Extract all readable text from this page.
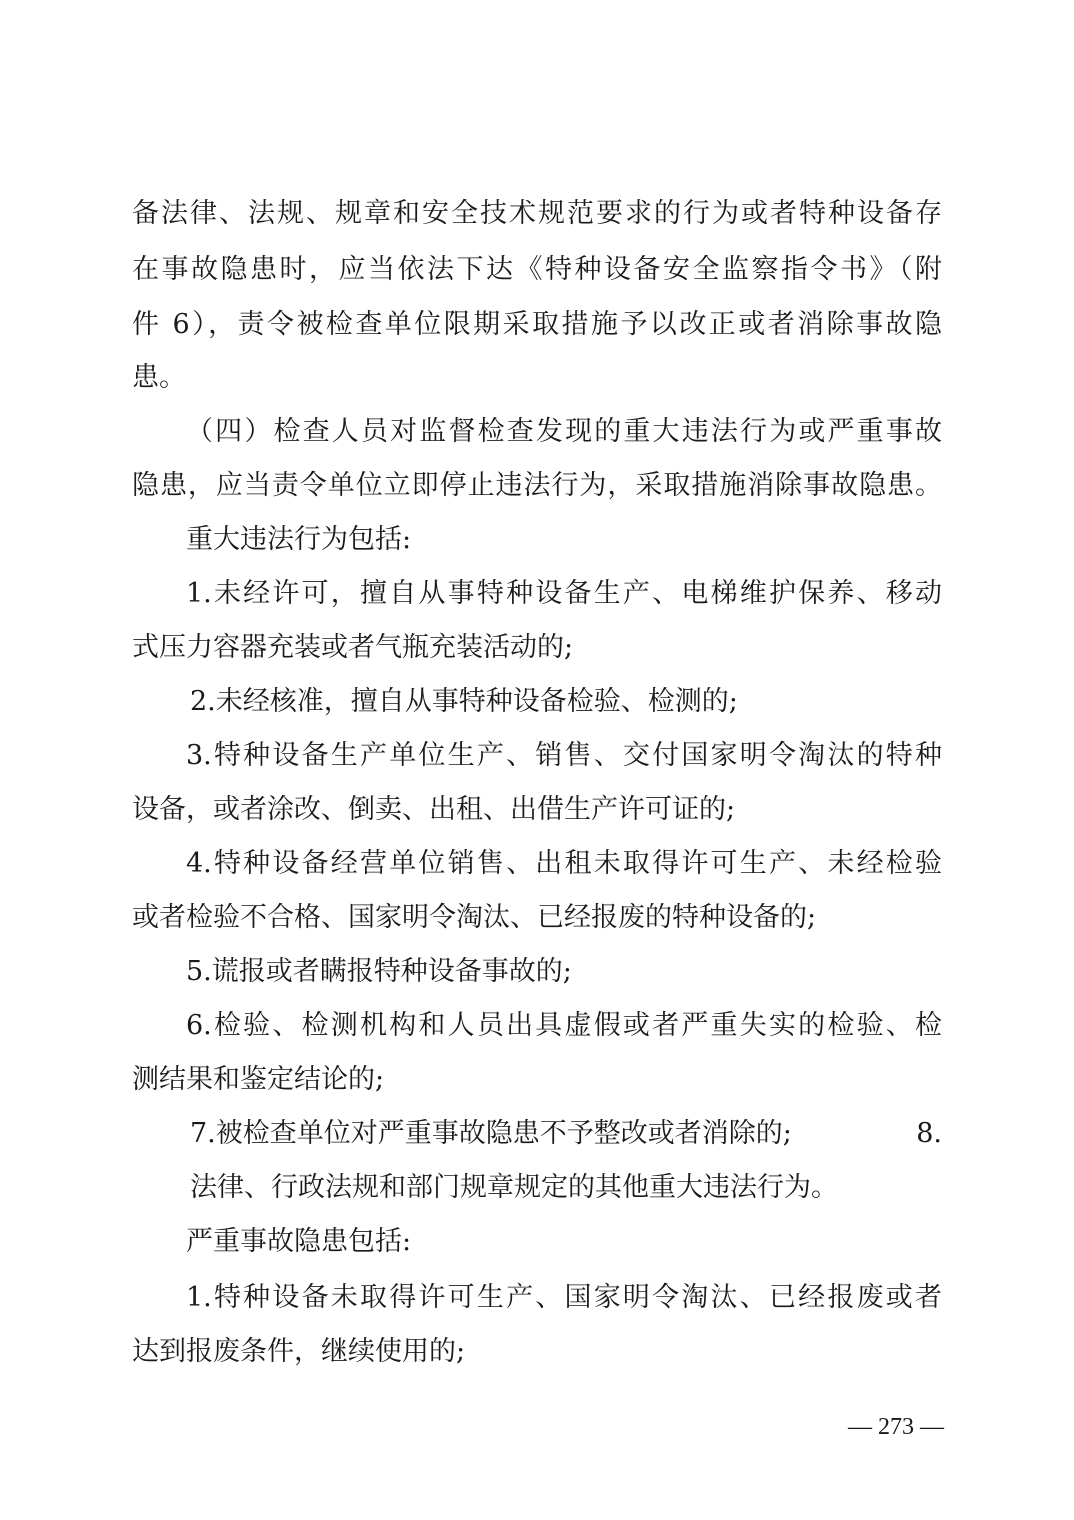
备法律、法规、规章和安全技术规范要求的行为或者特种设备存
在事故隐患时，应当依法下达《特种设备安全监察指令书》（附
件 6），责令被检查单位限期采取措施予以改正或者消除事故隐
患。
（四）检查人员对监督检查发现的重大违法行为或严重事故
隐患，应当责令单位立即停止违法行为，采取措施消除事故隐患。
重大违法行为包括:
1.未经许可，擅自从事特种设备生产、电梯维护保养、移动
式压力容器充装或者气瓶充装活动的;
2.未经核准，擅自从事特种设备检验、检测的;
3.特种设备生产单位生产、销售、交付国家明令淘汰的特种
设备，或者涂改、倒卖、出租、出借生产许可证的;
4.特种设备经营单位销售、出租未取得许可生产、未经检验
或者检验不合格、国家明令淘汰、已经报废的特种设备的;
5.谎报或者瞒报特种设备事故的;
6.检验、检测机构和人员出具虚假或者严重失实的检验、检
测结果和鉴定结论的;
7.被检查单位对严重事故隐患不予整改或者消除的;	8.
法律、行政法规和部门规章规定的其他重大违法行为。
严重事故隐患包括:
1.特种设备未取得许可生产、国家明令淘汰、已经报废或者
达到报废条件，继续使用的;
— 273 —
